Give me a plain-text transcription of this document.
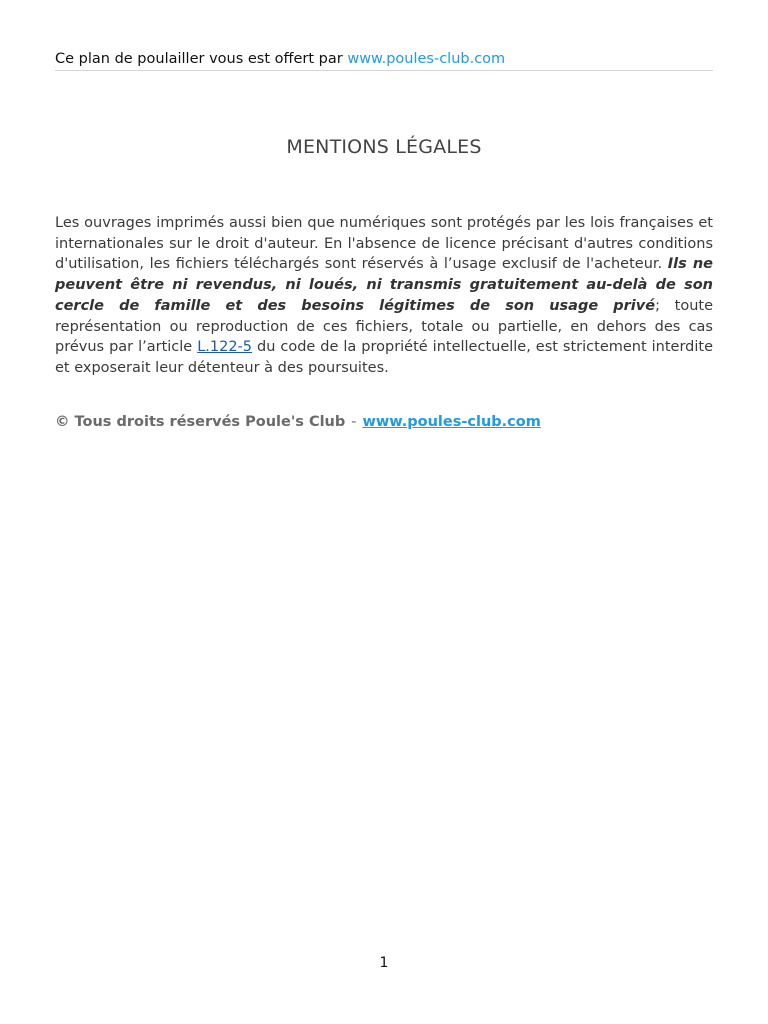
Ce plan de poulailler vous est offert par www.poules-club.com
MENTIONS LÉGALES

Les ouvrages imprimés aussi bien que numériques sont protégés par les lois françaises et internationales sur le droit d'auteur. En l'absence de licence précisant d'autres conditions d'utilisation, les fichiers téléchargés sont réservés à l’usage exclusif de l'acheteur. Ils ne peuvent être ni revendus, ni loués, ni transmis gratuitement au-delà de son cercle de famille et des besoins légitimes de son usage privé; toute représentation ou reproduction de ces fichiers, totale ou partielle, en dehors des cas prévus par l’article L.122-5 du code de la propriété intellectuelle, est strictement interdite et exposerait leur détenteur à des poursuites.

© Tous droits réservés Poule's Club - www.poules-club.com

1
